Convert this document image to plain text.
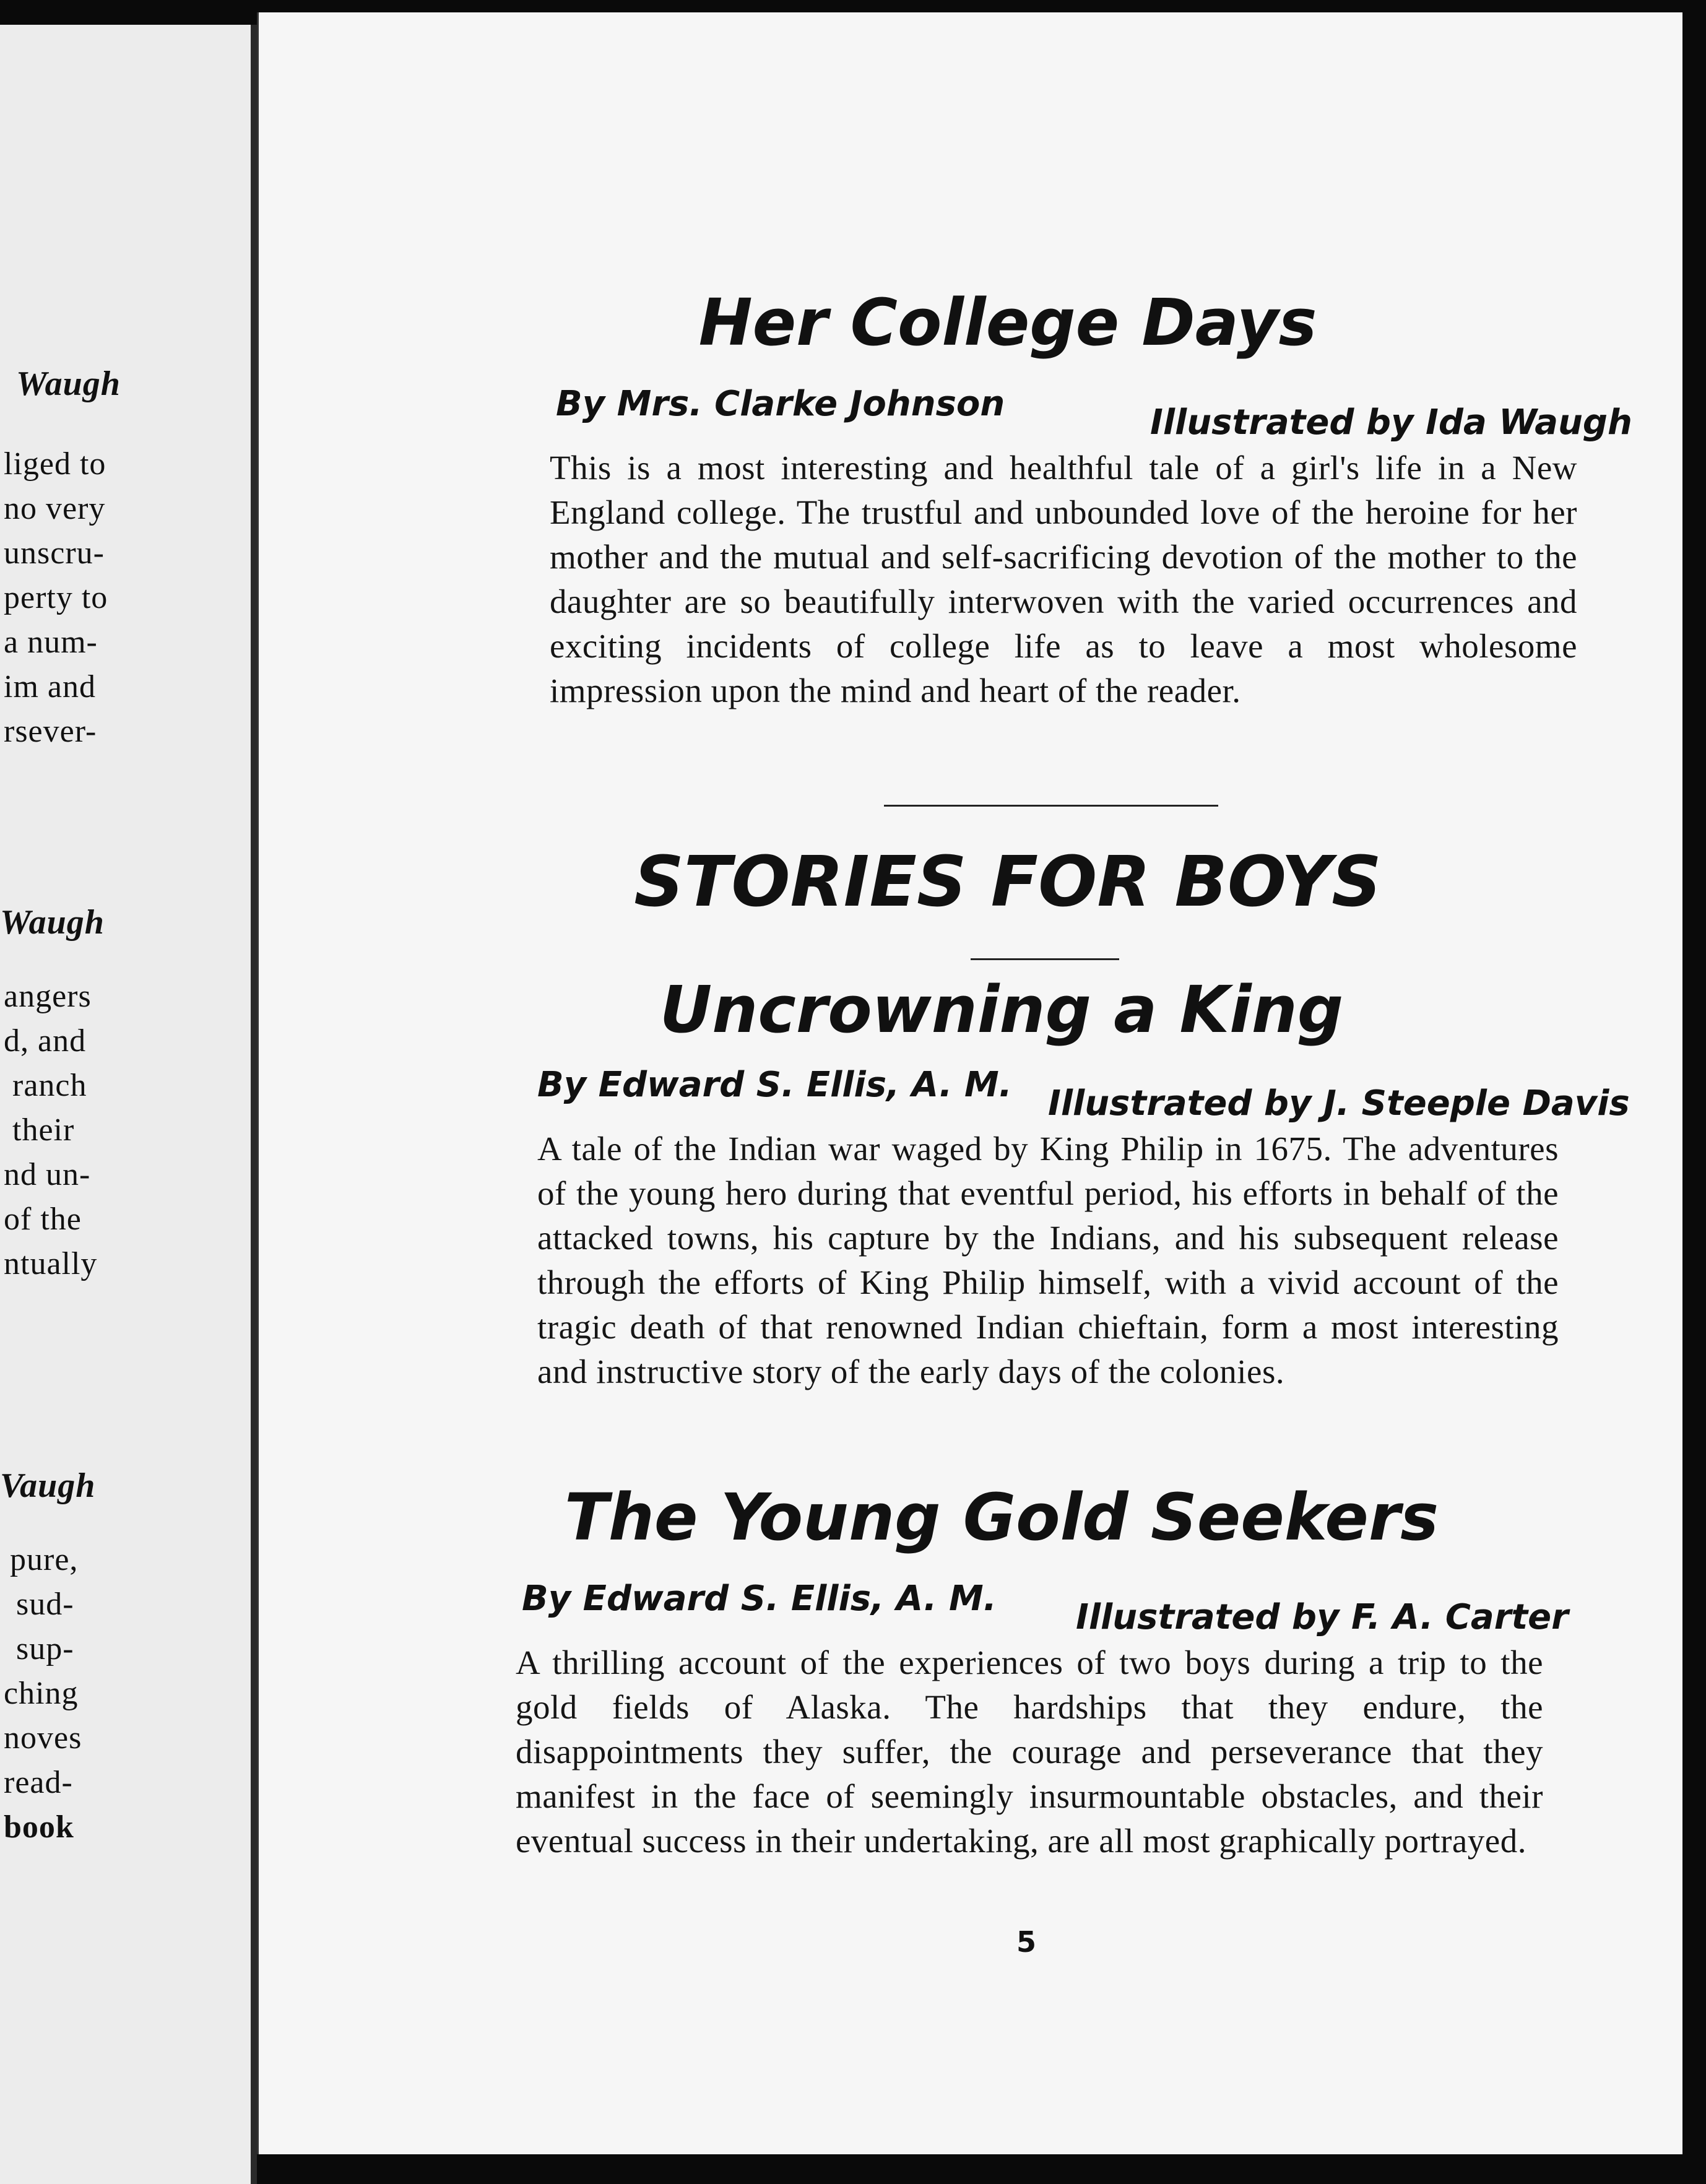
Waugh
liged to
no very
unscru-
perty to
a num-
im and
rsever-
Waugh
angers
d, and
ranch
their
nd un-
of the
ntually
Vaugh
pure,
sud-
sup-
ching
noves
read-
book
Her College Days
By Mrs. Clarke Johnson	Illustrated by Ida Waugh
This is a most interesting and healthful tale of a girl's life in a New England college. The trustful and unbounded love of the heroine for her mother and the mutual and self-sacrificing devotion of the mother to the daughter are so beautifully interwoven with the varied occurrences and exciting incidents of college life as to leave a most wholesome impression upon the mind and heart of the reader.
STORIES FOR BOYS
Uncrowning a King
By Edward S. Ellis, A. M. Illustrated by J. Steeple Davis
A tale of the Indian war waged by King Philip in 1675. The adventures of the young hero during that eventful period, his efforts in behalf of the attacked towns, his capture by the Indians, and his subsequent release through the efforts of King Philip himself, with a vivid account of the tragic death of that renowned Indian chieftain, form a most interesting and instructive story of the early days of the colonies.
The Young Gold Seekers
By Edward S. Ellis, A. M. Illustrated by F. A. Carter
A thrilling account of the experiences of two boys during a trip to the gold fields of Alaska. The hardships that they endure, the disappointments they suffer, the courage and perseverance that they manifest in the face of seemingly insurmountable obstacles, and their eventual success in their undertaking, are all most graphically portrayed.
5
